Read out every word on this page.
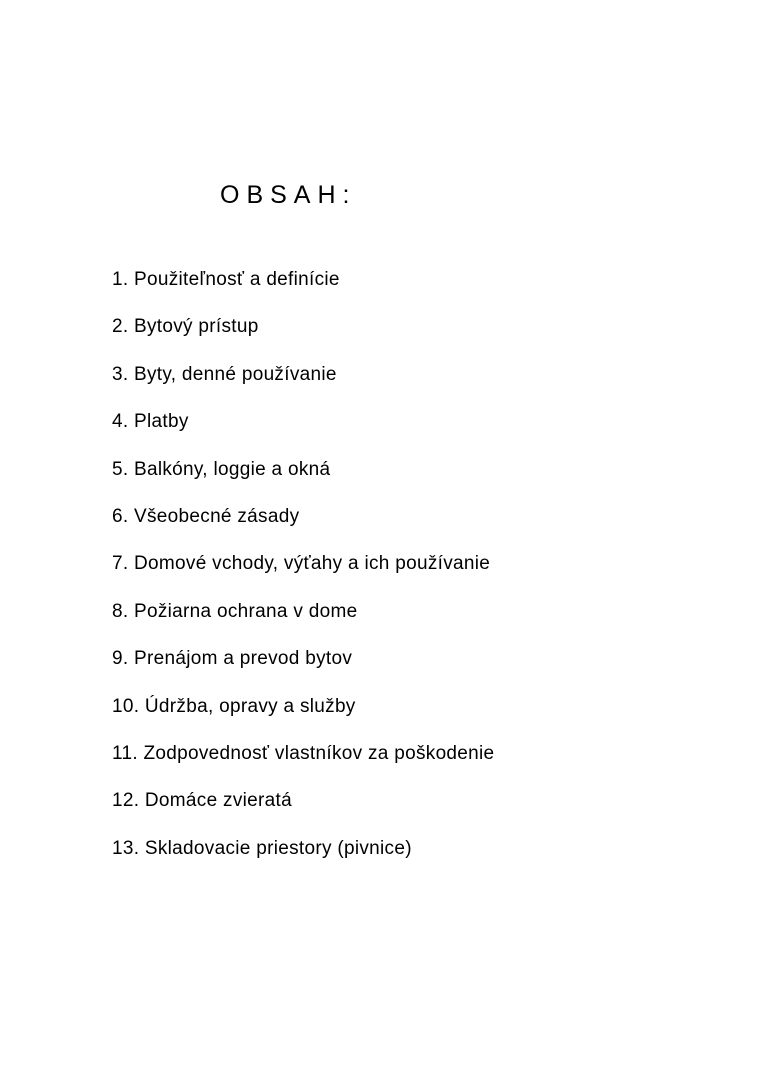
OBSAH:
1. Použiteľnosť a definície
2. Bytový prístup
3. Byty, denné používanie
4. Platby
5. Balkóny, loggie a okná
6. Všeobecné zásady
7. Domové vchody, výťahy a ich používanie
8. Požiarna ochrana v dome
9. Prenájom a prevod bytov
10. Údržba, opravy a služby
11. Zodpovednosť vlastníkov za poškodenie
12. Domáce zvieratá
13. Skladovacie priestory (pivnice)
